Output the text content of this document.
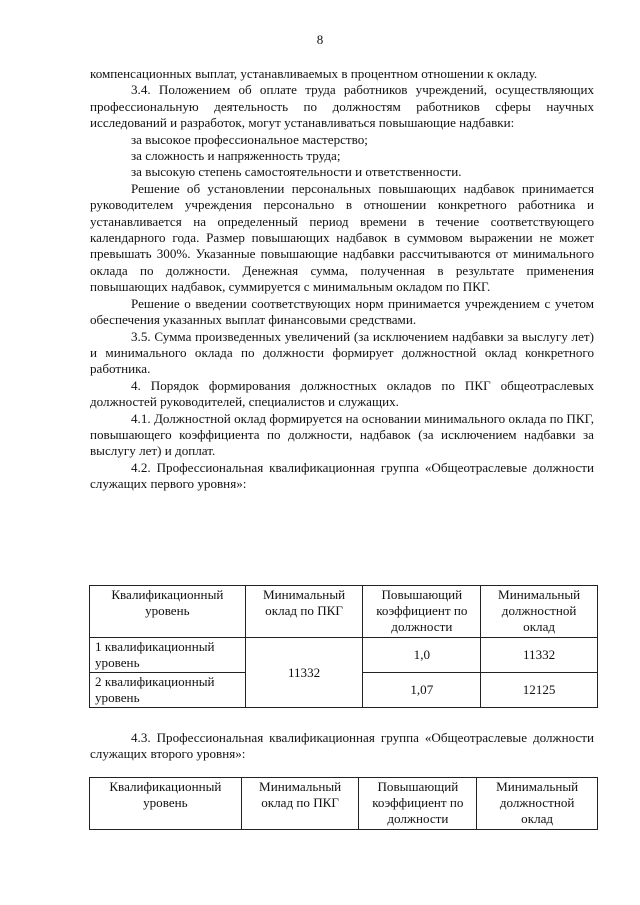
8

компенсационных выплат, устанавливаемых в процентном отношении к окладу.

3.4. Положением об оплате труда работников учреждений, осуществляющих профессиональную деятельность по должностям работников сферы научных исследований и разработок, могут устанавливаться повышающие надбавки:

за высокое профессиональное мастерство;

за сложность и напряженность труда;

за высокую степень самостоятельности и ответственности.

Решение об установлении персональных повышающих надбавок принимается руководителем учреждения персонально в отношении конкретного работника и устанавливается на определенный период времени в течение соответствующего календарного года. Размер повышающих надбавок в суммовом выражении не может превышать 300%. Указанные повышающие надбавки рассчитываются от минимального оклада по должности. Денежная сумма, полученная в результате применения повышающих надбавок, суммируется с минимальным окладом по ПКГ.

Решение о введении соответствующих норм принимается учреждением с учетом обеспечения указанных выплат финансовыми средствами.

3.5. Сумма произведенных увеличений (за исключением надбавки за выслугу лет) и минимального оклада по должности формирует должностной оклад конкретного работника.

4. Порядок формирования должностных окладов по ПКГ общеотраслевых должностей руководителей, специалистов и служащих.

4.1. Должностной оклад формируется на основании минимального оклада по ПКГ, повышающего коэффициента по должности, надбавок (за исключением надбавки за выслугу лет) и доплат.

4.2. Профессиональная квалификационная группа «Общеотраслевые должности служащих первого уровня»:

Квалификационный уровень	Минимальный оклад по ПКГ	Повышающий коэффициент по должности	Минимальный должностной оклад
1 квалификационный уровень	11332	1,0	11332
2 квалификационный уровень		1,07	12125

4.3. Профессиональная квалификационная группа «Общеотраслевые должности служащих второго уровня»:

Квалификационный уровень	Минимальный оклад по ПКГ	Повышающий коэффициент по должности	Минимальный должностной оклад
